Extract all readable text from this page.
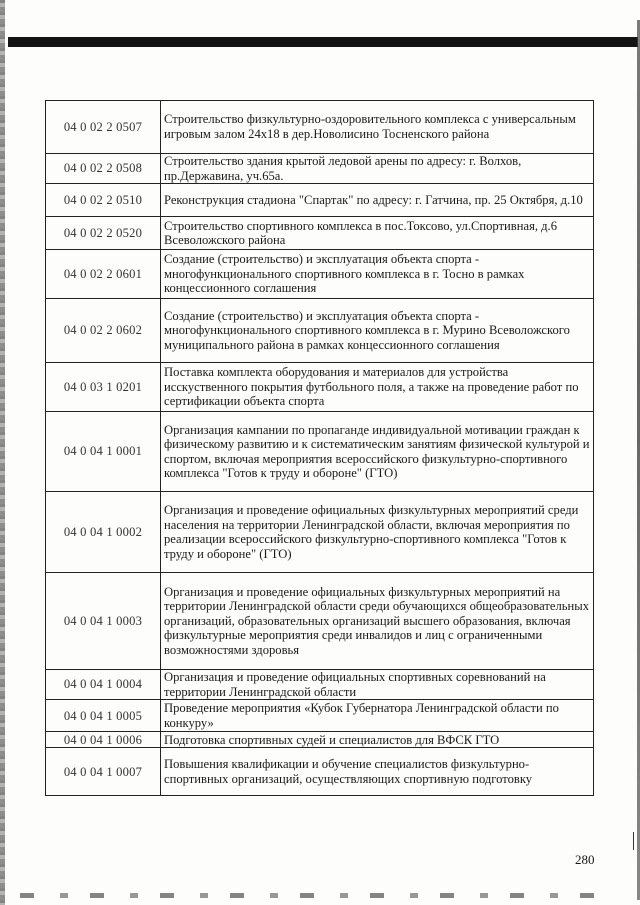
04 0 02 2 0507	Строительство физкультурно-оздоровительного комплекса с универсальным игровым залом 24х18 в дер.Новолисино Тосненского района
04 0 02 2 0508	Строительство здания крытой ледовой арены по адресу: г. Волхов, пр.Державина, уч.65а.
04 0 02 2 0510	Реконструкция стадиона "Спартак" по адресу: г. Гатчина, пр. 25 Октября, д.10
04 0 02 2 0520	Строительство спортивного комплекса в пос.Токсово, ул.Спортивная, д.6 Всеволожского района
04 0 02 2 0601	Создание (строительство) и эксплуатация объекта спорта - многофункционального спортивного комплекса в г. Тосно в рамках концессионного соглашения
04 0 02 2 0602	Создание (строительство) и эксплуатация объекта спорта - многофункционального спортивного комплекса в г. Мурино Всеволожского муниципального района в рамках концессионного соглашения
04 0 03 1 0201	Поставка комплекта оборудования и материалов для устройства исскуственного покрытия футбольного поля, а также на проведение работ по сертификации объекта спорта
04 0 04 1 0001	Организация кампании по пропаганде индивидуальной мотивации граждан к физическому развитию и к систематическим занятиям физической культурой и спортом, включая мероприятия всероссийского физкультурно-спортивного комплекса "Готов к труду и обороне" (ГТО)
04 0 04 1 0002	Организация и проведение официальных физкультурных мероприятий среди населения на территории Ленинградской области, включая мероприятия по реализации всероссийского физкультурно-спортивного комплекса "Готов к труду и обороне" (ГТО)
04 0 04 1 0003	Организация и проведение официальных физкультурных мероприятий на территории Ленинградской области среди обучающихся общеобразовательных организаций, образовательных организаций высшего образования, включая физкультурные мероприятия среди инвалидов и лиц с ограниченными возможностями здоровья
04 0 04 1 0004	Организация и проведение официальных спортивных соревнований на территории Ленинградской области
04 0 04 1 0005	Проведение мероприятия «Кубок Губернатора Ленинградской области по конкуру»
04 0 04 1 0006	Подготовка спортивных судей и специалистов для ВФСК ГТО
04 0 04 1 0007	Повышения квалификации и обучение специалистов физкультурно-спортивных организаций, осуществляющих спортивную подготовку
280
